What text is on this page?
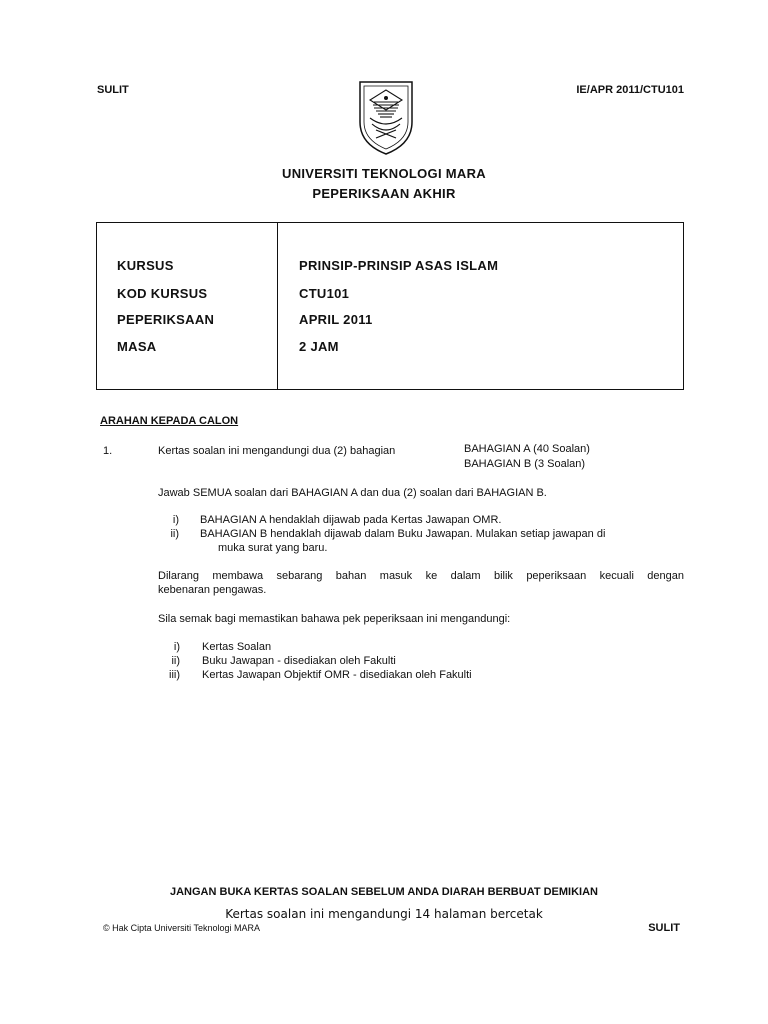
SULIT	IE/APR 2011/CTU101
UNIVERSITI TEKNOLOGI MARA
PEPERIKSAAN AKHIR
KURSUS	PRINSIP-PRINSIP ASAS ISLAM
KOD KURSUS	CTU101
PEPERIKSAAN	APRIL 2011
MASA	2 JAM
ARAHAN KEPADA CALON
1.	Kertas soalan ini mengandungi dua (2) bahagian	BAHAGIAN A (40 Soalan)
BAHAGIAN B (3 Soalan)
Jawab SEMUA soalan dari BAHAGIAN A dan dua (2) soalan dari BAHAGIAN B.
i) BAHAGIAN A hendaklah dijawab pada Kertas Jawapan OMR.
ii) BAHAGIAN B hendaklah dijawab dalam Buku Jawapan. Mulakan setiap jawapan di
muka surat yang baru.
Dilarang membawa sebarang bahan masuk ke dalam bilik peperiksaan kecuali dengan
kebenaran pengawas.
Sila semak bagi memastikan bahawa pek peperiksaan ini mengandungi:
i) Kertas Soalan
ii) Buku Jawapan - disediakan oleh Fakulti
iii) Kertas Jawapan Objektif OMR - disediakan oleh Fakulti
JANGAN BUKA KERTAS SOALAN SEBELUM ANDA DIARAH BERBUAT DEMIKIAN
Kertas soalan ini mengandungi 14 halaman bercetak
© Hak Cipta Universiti Teknologi MARA	SULIT
